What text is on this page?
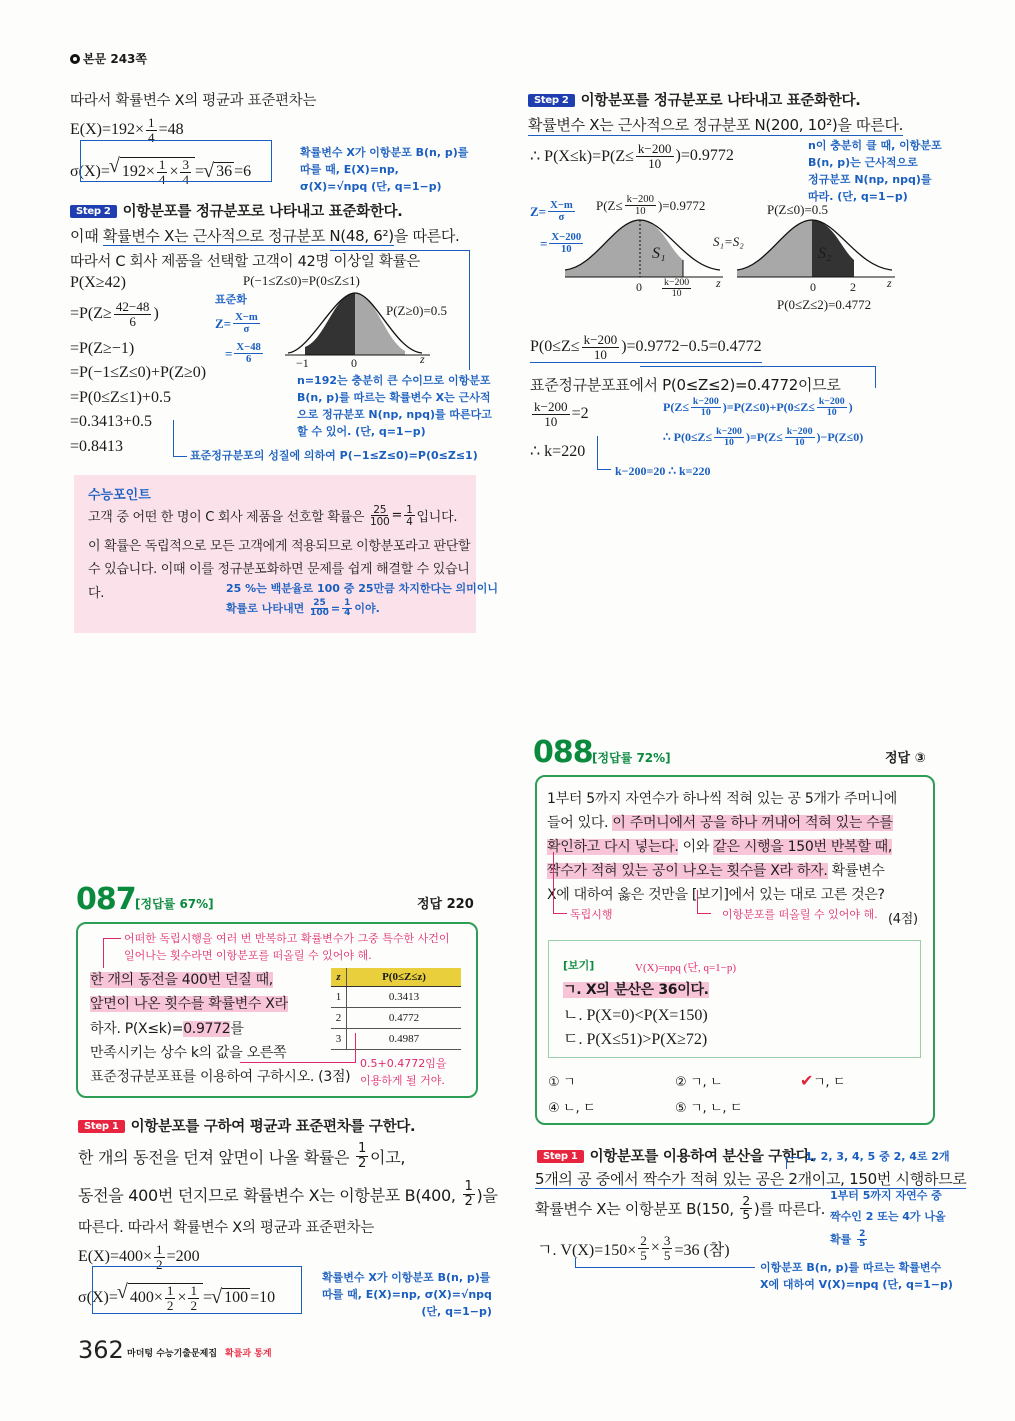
본문 243쪽
따라서 확률변수 X의 평균과 표준편차는
$E(X)=192\times \frac{1}{4} =48$
σ(X)= √ $192\times \frac{1}{4} \times \frac{3}{4}$ = √ 36 =6
확률변수 X가 이항분포 B(n, p)를
따를 때, E(X)=np,
σ(X)=√npq (단, q=1−p)
Step 2 이항분포를 정규분포로 나타내고 표준화한다.
이때 확률변수 X는 근사적으로 정규분포 N(48, 6²)을 따른다.
따라서 C 회사 제품을 선택할 고객이 42명 이상일 확률은
P(X≥42)
$=P(Z\ge \frac{42-48}{6}$ )
=P(Z≥−1)
=P(−1≤Z≤0)+P(Z≥0)
=P(0≤Z≤1)+0.5
=0.3413+0.5
=0.8413
표준화
$Z= \frac{X-m}{\sigma}$
= $\frac{X-48}{6}$
P(−1≤Z≤0)=P(0≤Z≤1)
P(Z≥0)=0.5
−1	0	z
n=192는 충분히 큰 수이므로 이항분포
B(n, p)를 따르는 확률변수 X는 근사적
으로 정규분포 N(np, npq)를 따른다고
할 수 있어. (단, q=1−p)
표준정규분포의 성질에 의하여 P(−1≤Z≤0)=P(0≤Z≤1)
수능포인트
고객 중 어떤 한 명이 C 회사 제품을 선호할 확률은 $\frac{25}{100} = \frac{1}{4}$ 입니다.
이 확률은 독립적으로 모든 고객에게 적용되므로 이항분포라고 판단할
수 있습니다. 이때 이를 정규분포화하면 문제를 쉽게 해결할 수 있습니
다.	25 %는 백분율로 100 중 25만큼 차지한다는 의미이니
확률로 나타내면 $\frac{25}{100} = \frac{1}{4}$ 이야.
Step 2 이항분포를 정규분포로 나타내고 표준화한다.
확률변수 X는 근사적으로 정규분포 N(200, 10²)을 따른다.
∴ $P(X\le k)=P(Z\le \frac{k-200}{10} )=0.9772$
n이 충분히 클 때, 이항분포
B(n, p)는 근사적으로
정규분포 N(np, npq)를
따라. (단, q=1−p)
$Z= \frac{X-m}{\sigma}$
= $\frac{X-200}{10}$
$P(Z\le \frac{k-200}{10} )=0.9772$
S₁
$0 \frac{k-200}{10}$ z
S₁=S₂
P(Z≤0)=0.5
S₂
0	2	z
P(0≤Z≤2)=0.4772
$P(0\le Z\le \frac{k-200}{10} )=0.9772-0.5=0.4772$
표준정규분포표에서 P(0≤Z≤2)=0.4772이므로
$\frac{k-200}{10} =2$
∴ k=220
$P(Z\le \frac{k-200}{10} )=P(Z\le 0)+P(0\le Z\le \frac{k-200}{10}$ )
∴ $P(0\le Z\le \frac{k-200}{10} )=P(Z\le \frac{k-200}{10} )-P(Z\le 0)$
k−200=20 ∴ k=220
087 [정답률 67%]	정답 220
어떠한 독립시행을 여러 번 반복하고 확률변수가 그중 특수한 사건이
일어나는 횟수라면 이항분포를 떠올릴 수 있어야 해.
한 개의 동전을 400번 던질 때,
앞면이 나온 횟수를 확률변수 X라
하자. P(X≤k)=0.9772를
만족시키는 상수 k의 값을 오른쪽
표준정규분포표를 이용하여 구하시오. (3점)
z	P(0≤Z≤z)
1	0.3413
2	0.4772
3	0.4987
0.5+0.4772임을
이용하게 될 거야.
Step 1 이항분포를 구하여 평균과 표준편차를 구한다.
한 개의 동전을 던져 앞면이 나올 확률은 $\frac{1}{2}$ 이고,
동전을 400번 던지므로 확률변수 X는 이항분포 B(400, $\frac{1}{2}$ )을
따른다. 따라서 확률변수 X의 평균과 표준편차는
$E(X)=400\times \frac{1}{2} =200$
σ(X)= √ $400\times \frac{1}{2} \times \frac{1}{2}$ = √ 100 =10
확률변수 X가 이항분포 B(n, p)를
따를 때, E(X)=np, σ(X)=√npq
(단, q=1−p)
362 마더텅 수능기출문제집 확률과 통계
088 [정답률 72%]	정답 ③
1부터 5까지 자연수가 하나씩 적혀 있는 공 5개가 주머니에
들어 있다. 이 주머니에서 공을 하나 꺼내어 적혀 있는 수를
확인하고 다시 넣는다. 이와 같은 시행을 150번 반복할 때,
짝수가 적혀 있는 공이 나오는 횟수를 X라 하자. 확률변수
X에 대하여 옳은 것만을 [보기]에서 있는 대로 고른 것은?
독립시행	이항분포를 떠올릴 수 있어야 해. (4점)
[보기]	V(X)=npq (단, q=1−p)
ㄱ. X의 분산은 36이다.
ㄴ. P(X=0)<P(X=150)
ㄷ. P(X≤51)>P(X≥72)
① ㄱ	② ㄱ, ㄴ	✔ㄱ, ㄷ
④ ㄴ, ㄷ	⑤ ㄱ, ㄴ, ㄷ
Step 1 이항분포를 이용하여 분산을 구한다.
1, 2, 3, 4, 5 중 2, 4로 2개
5개의 공 중에서 짝수가 적혀 있는 공은 2개이고, 150번 시행하므로
확률변수 X는 이항분포 B(150, $\frac{2}{5}$ )를 따른다.
1부터 5까지 자연수 중
짝수인 2 또는 4가 나올
확률 $\frac{2}{5}$
ㄱ. $V(X)=150\times \frac{2}{5} \times \frac{3}{5} =36$ (참)
이항분포 B(n, p)를 따르는 확률변수
X에 대하여 V(X)=npq (단, q=1−p)
